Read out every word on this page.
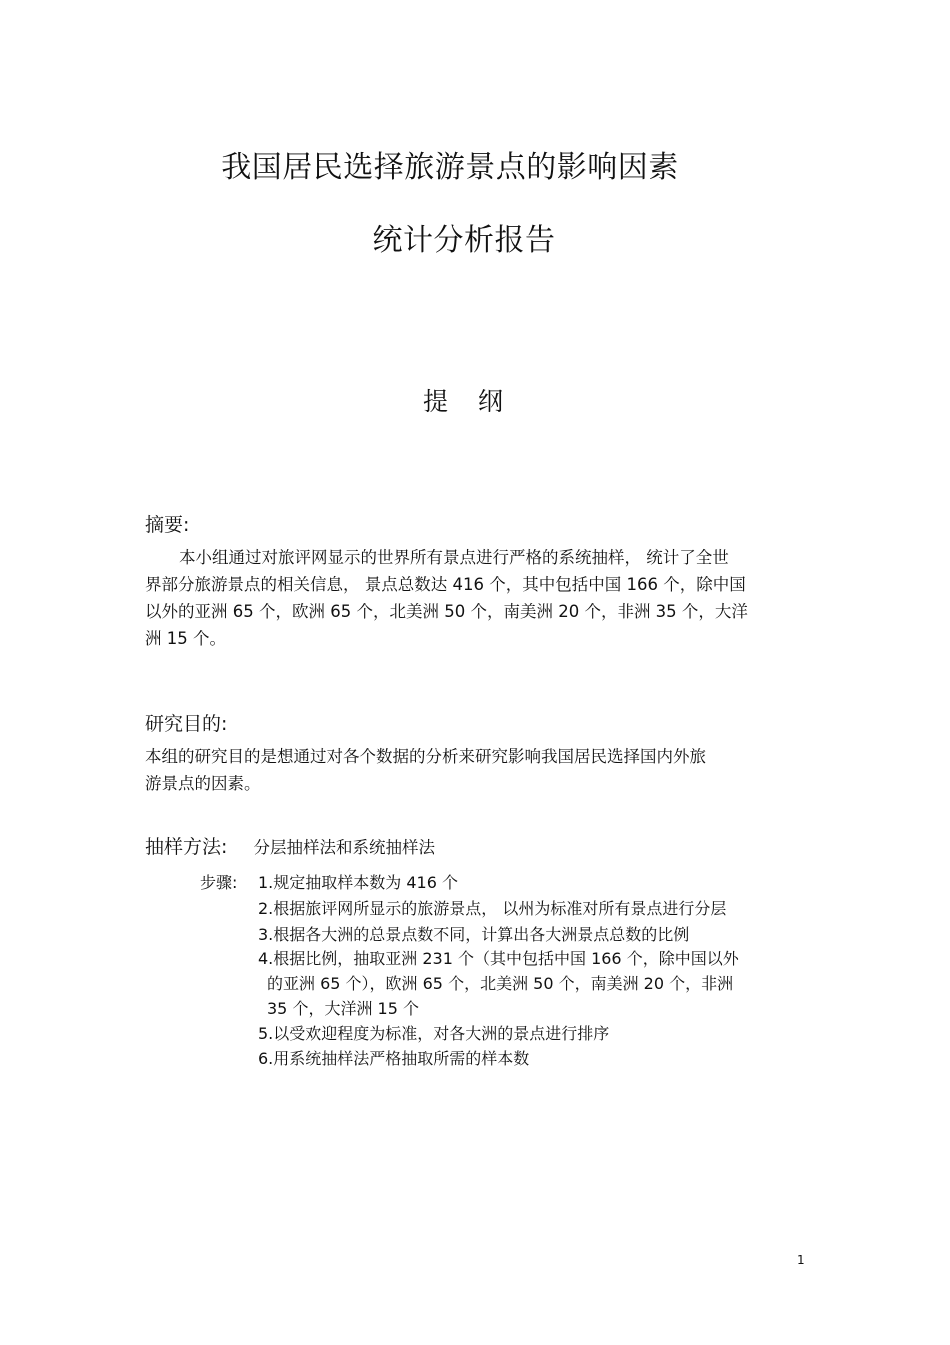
我国居民选择旅游景点的影响因素
统计分析报告
提纲
摘要:
本小组通过对旅评网显示的世界所有景点进行严格的系统抽样， 统计了全世
界部分旅游景点的相关信息， 景点总数达 416 个，其中包括中国 166 个，除中国
以外的亚洲 65 个，欧洲 65 个，北美洲 50 个，南美洲 20 个，非洲 35 个，大洋
洲 15 个。
研究目的:
本组的研究目的是想通过对各个数据的分析来研究影响我国居民选择国内外旅
游景点的因素。
抽样方法: 分层抽样法和系统抽样法
步骤:	1.规定抽取样本数为 416 个
2.根据旅评网所显示的旅游景点， 以州为标准对所有景点进行分层
3.根据各大洲的总景点数不同，计算出各大洲景点总数的比例
4.根据比例，抽取亚洲 231 个（其中包括中国 166 个，除中国以外
的亚洲 65 个），欧洲 65 个，北美洲 50 个，南美洲 20 个，非洲
35 个，大洋洲 15 个
5.以受欢迎程度为标准，对各大洲的景点进行排序
6.用系统抽样法严格抽取所需的样本数
1
